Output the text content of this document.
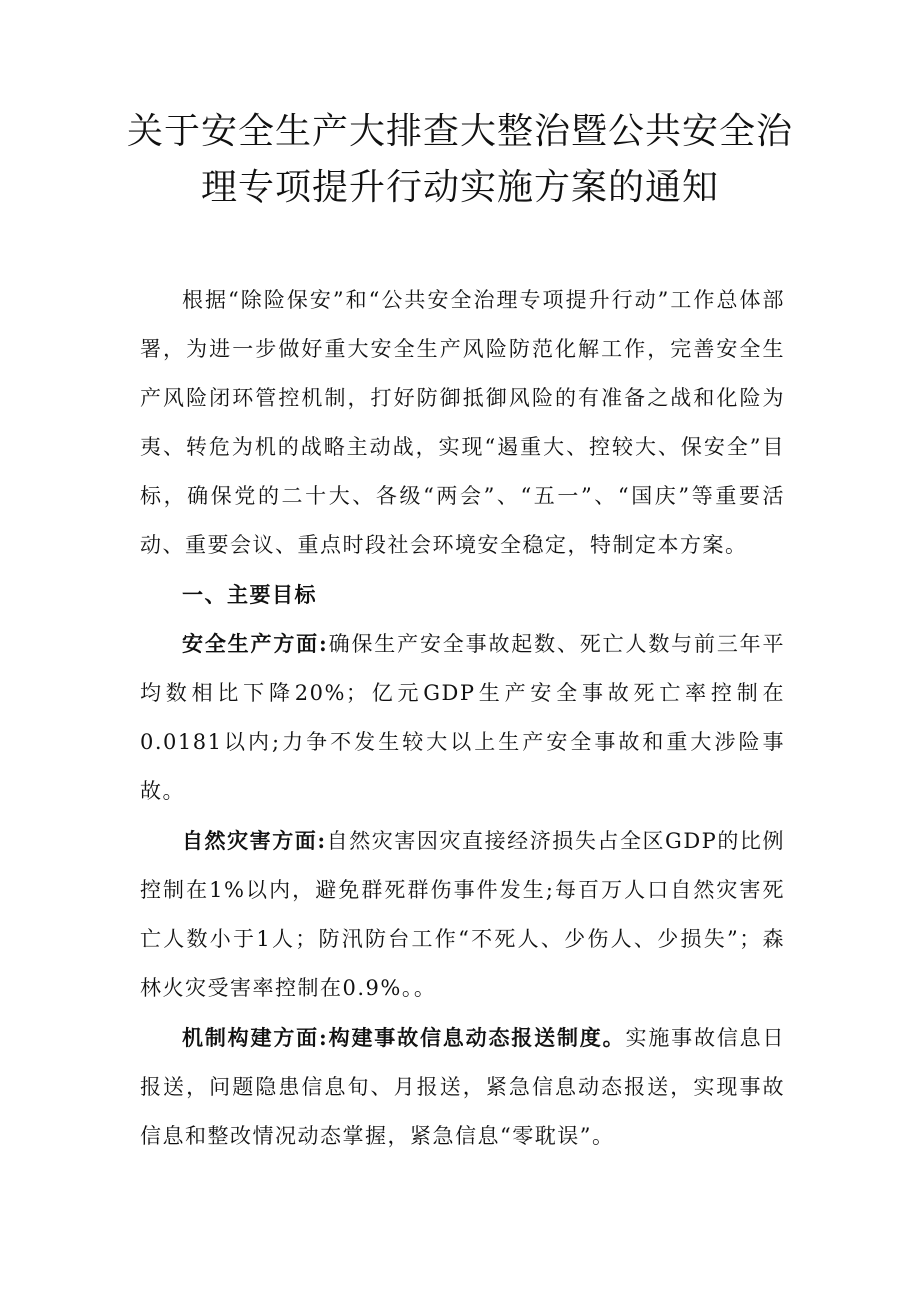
关于安全生产大排查大整治暨公共安全治
理专项提升行动实施方案的通知

根据“除险保安”和“公共安全治理专项提升行动”工作总体部署，为进一步做好重大安全生产风险防范化解工作，完善安全生产风险闭环管控机制，打好防御抵御风险的有准备之战和化险为夷、转危为机的战略主动战，实现“遏重大、控较大、保安全”目标，确保党的二十大、各级“两会”、“五一”、“国庆”等重要活动、重要会议、重点时段社会环境安全稳定，特制定本方案。

一、主要目标

安全生产方面:确保生产安全事故起数、死亡人数与前三年平均数相比下降20%；亿元GDP生产安全事故死亡率控制在0.0181以内;力争不发生较大以上生产安全事故和重大涉险事故。

自然灾害方面:自然灾害因灾直接经济损失占全区GDP的比例控制在1%以内，避免群死群伤事件发生;每百万人口自然灾害死亡人数小于1人；防汛防台工作“不死人、少伤人、少损失”；森林火灾受害率控制在0.9%。。

机制构建方面:构建事故信息动态报送制度。实施事故信息日报送，问题隐患信息旬、月报送，紧急信息动态报送，实现事故信息和整改情况动态掌握，紧急信息“零耽误”。
